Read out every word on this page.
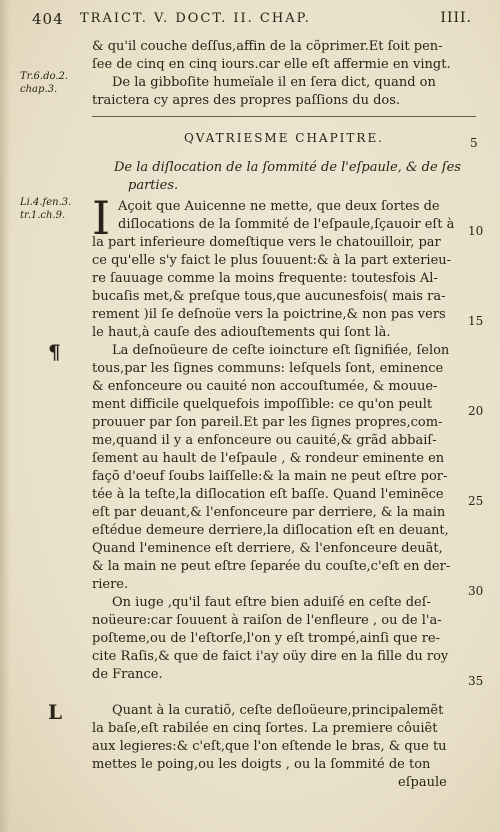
404 TRAICT. V. DOCT. II. CHAP.	IIII.
Tr.6.do.2.
chap.3.
Li.4.fen.3.
tr.1.ch.9.
¶
L
5
10
15
20
25
30
35
& qu'il couche deſſus,affin de la cõprimer.Et ſoit pen-
ſee de cinq en cinq iours.car elle eſt affermie en vingt.
De la gibboſite humeïale il en ſera dict, quand on
traictera cy apres des propres paſſions du dos.
QVATRIESME CHAPITRE.
De la diſlocation de la ſommité de l'eſpaule, & de ſes
parties.
I Açoit que Auicenne ne mette, que deux ſortes de
diſlocations de la ſommité de l'eſpaule,ſçauoir eſt à
la part inferieure domeſtique vers le chatouilloir, par
ce qu'elle s'y faict le plus ſouuent:& à la part exterieu-
re ſauuage comme la moins frequente: toutesfois Al-
bucaſis met,& preſque tous,que aucunesfois( mais ra-
rement )il ſe deſnoüe vers la poictrine,& non pas vers
le haut,à cauſe des adiouſtements qui ſont là.
La deſnoüeure de ceſte ioincture eſt ſignifiée, ſelon
tous,par les ſignes communs: leſquels ſont, eminence
& enfonceure ou cauité non accouſtumée, & mouue-
ment difficile quelquefois impoſſible: ce qu'on peult
prouuer par ſon pareil.Et par les ſignes propres,com-
me,quand il y a enfonceure ou cauité,& grãd abbaiſ-
ſement au hault de l'eſpaule , & rondeur eminente en
façõ d'oeuf ſoubs laiſſelle:& la main ne peut eſtre por-
tée à la teſte,la diſlocation eſt baſſe. Quand l'eminẽce
eſt par deuant,& l'enfonceure par derriere, & la main
eſtédue demeure derriere,la diſlocation eſt en deuant,
Quand l'eminence eſt derriere, & l'enfonceure deuãt,
& la main ne peut eſtre ſeparée du couſte,c'eſt en der-
riere.
On iuge ,qu'il faut eſtre bien aduiſé en ceſte deſ-
noüeure:car ſouuent à raiſon de l'enfleure , ou de l'a-
poſteme,ou de l'eſtorſe,l'on y eſt trompé,ainſi que re-
cite Raſis,& que de faict i'ay oüy dire en la fille du roy
de France.
Quant à la curatiõ, ceſte deſloüeure,principalemẽt
la baſe,eſt rabilée en cinq ſortes. La premiere côuiẽt
aux legieres:& c'eſt,que l'on eſtende le bras, & que tu
mettes le poing,ou les doigts , ou la ſommité de ton
eſpaule
